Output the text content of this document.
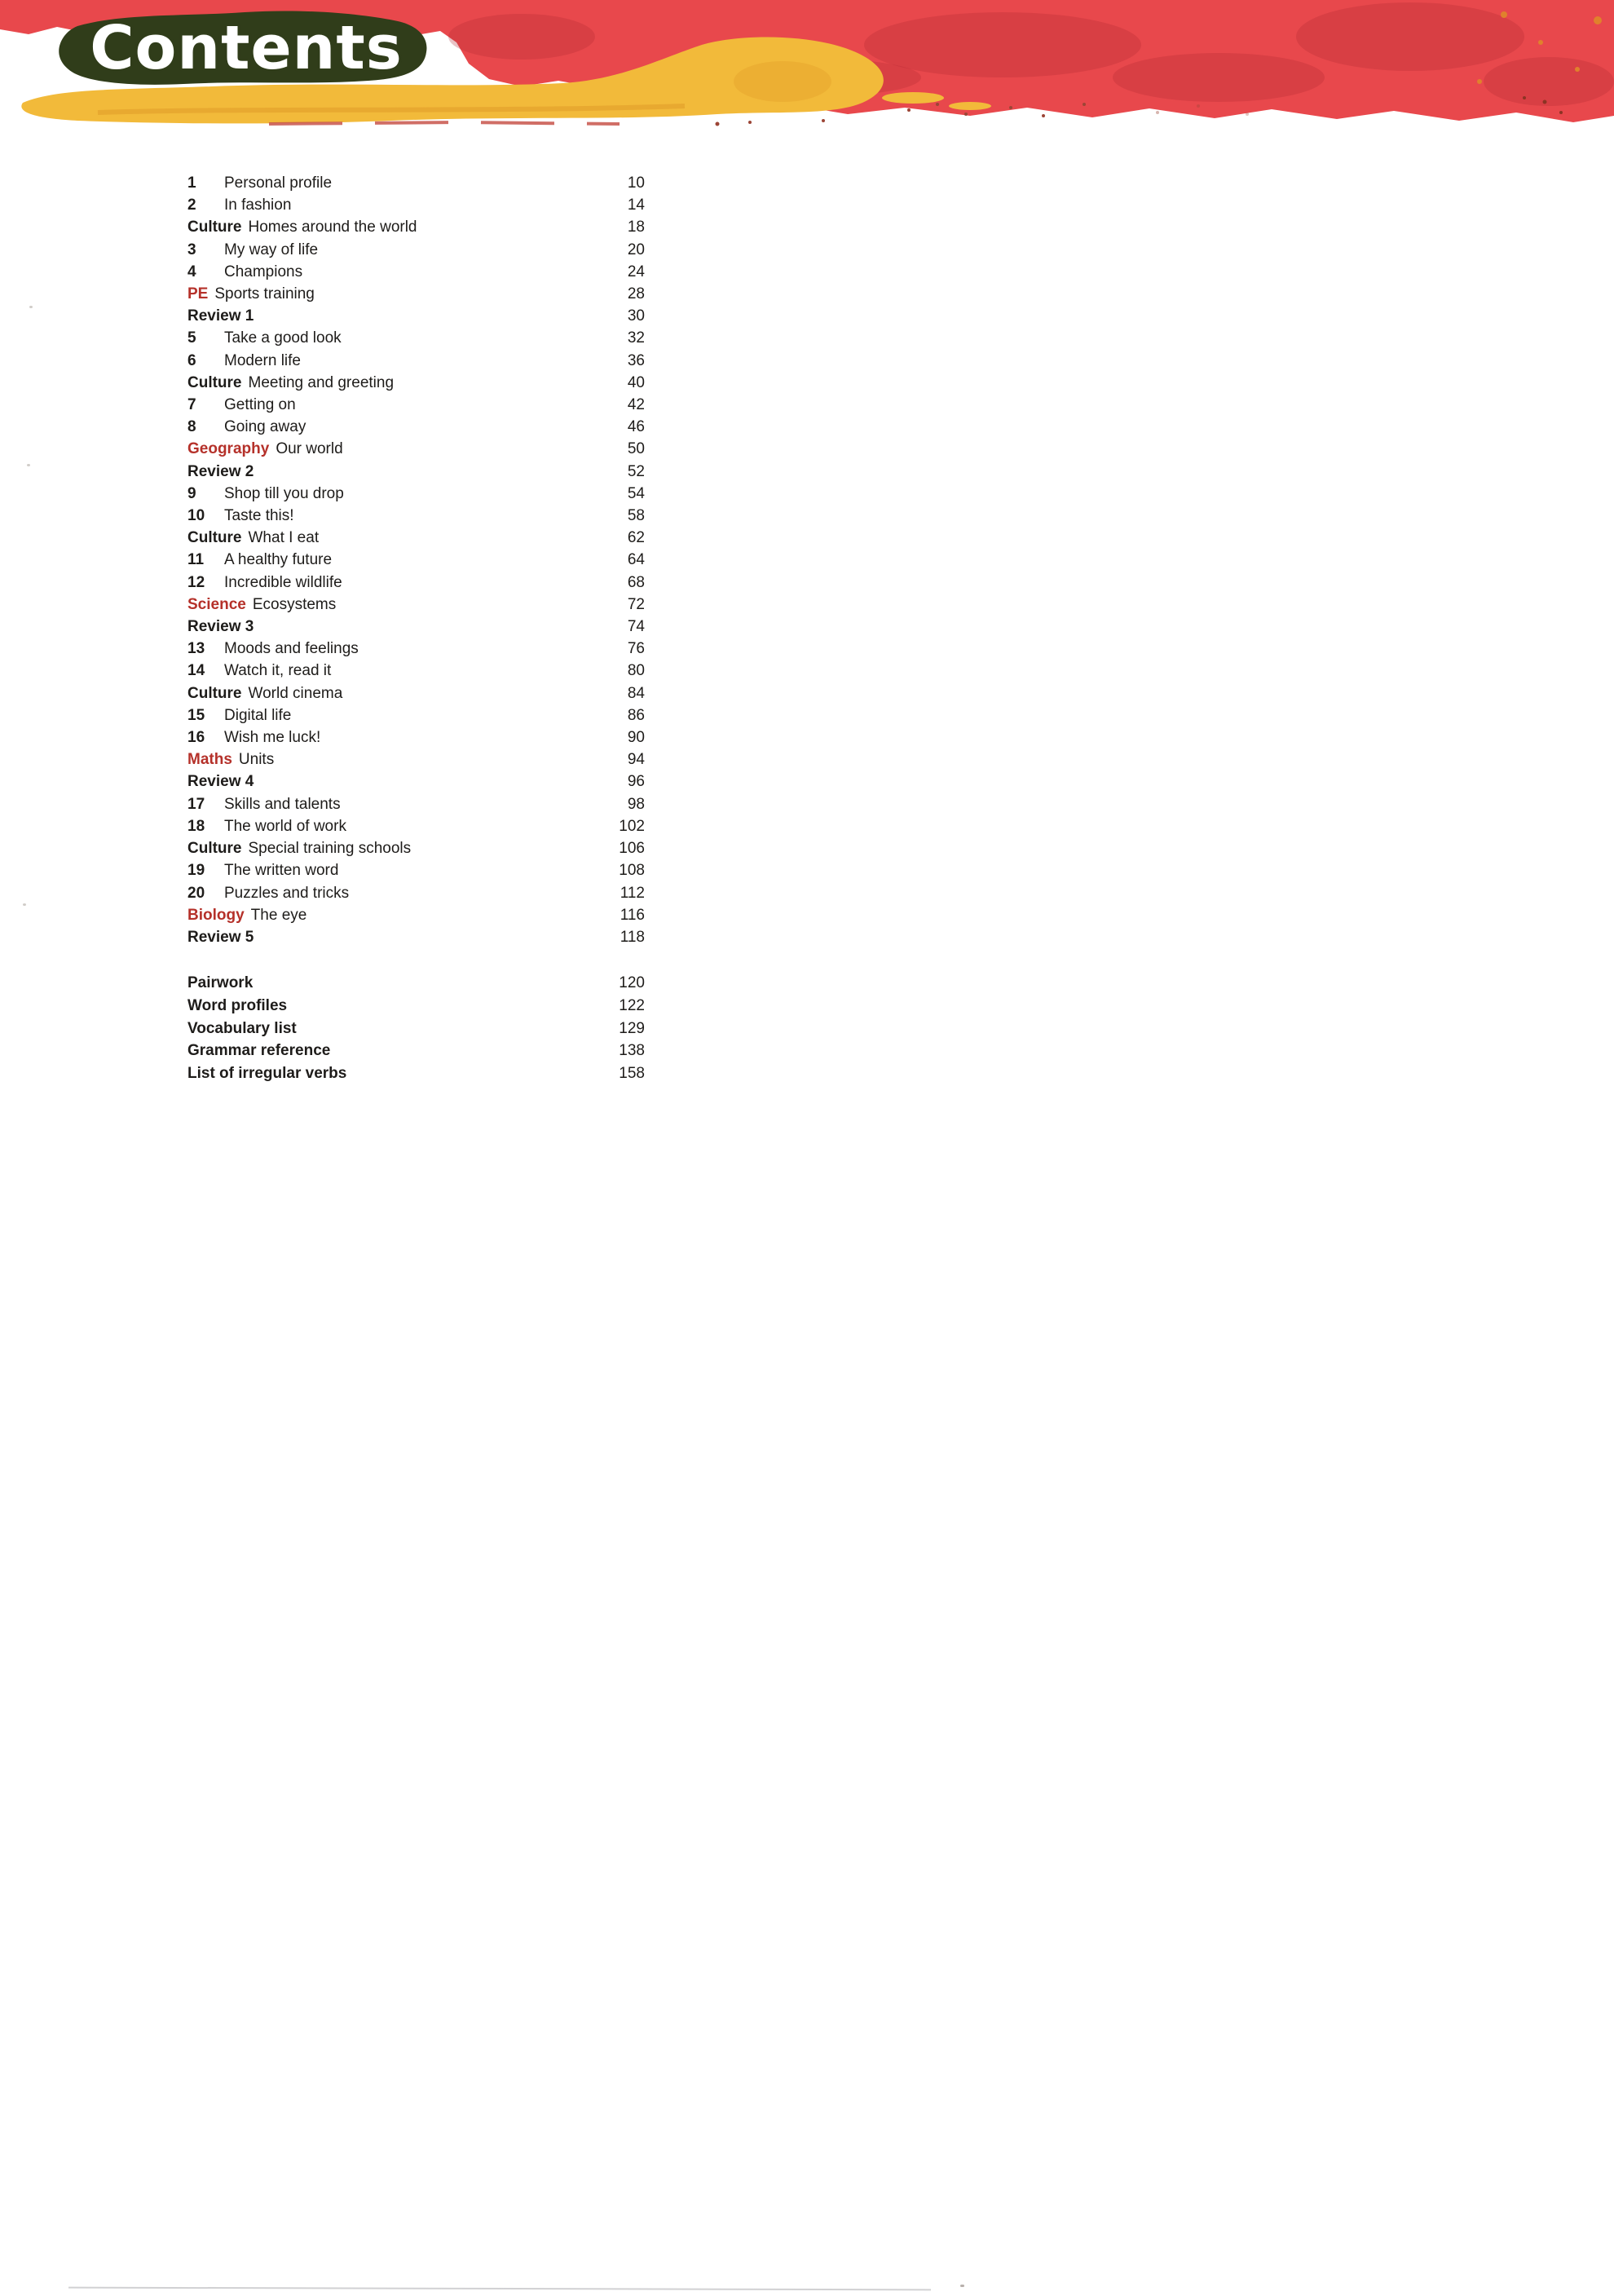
Contents
1	Personal profile	10
2	In fashion	14
Culture Homes around the world	18
3	My way of life	20
4	Champions	24
PE Sports training	28
Review 1	30
5	Take a good look	32
6	Modern life	36
Culture Meeting and greeting	40
7	Getting on	42
8	Going away	46
Geography Our world	50
Review 2	52
9	Shop till you drop	54
10	Taste this!	58
Culture What I eat	62
11	A healthy future	64
12	Incredible wildlife	68
Science Ecosystems	72
Review 3	74
13	Moods and feelings	76
14	Watch it, read it	80
Culture World cinema	84
15	Digital life	86
16	Wish me luck!	90
Maths Units	94
Review 4	96
17	Skills and talents	98
18	The world of work	102
Culture Special training schools	106
19	The written word	108
20	Puzzles and tricks	112
Biology The eye	116
Review 5	118
Pairwork	120
Word profiles	122
Vocabulary list	129
Grammar reference	138
List of irregular verbs	158
